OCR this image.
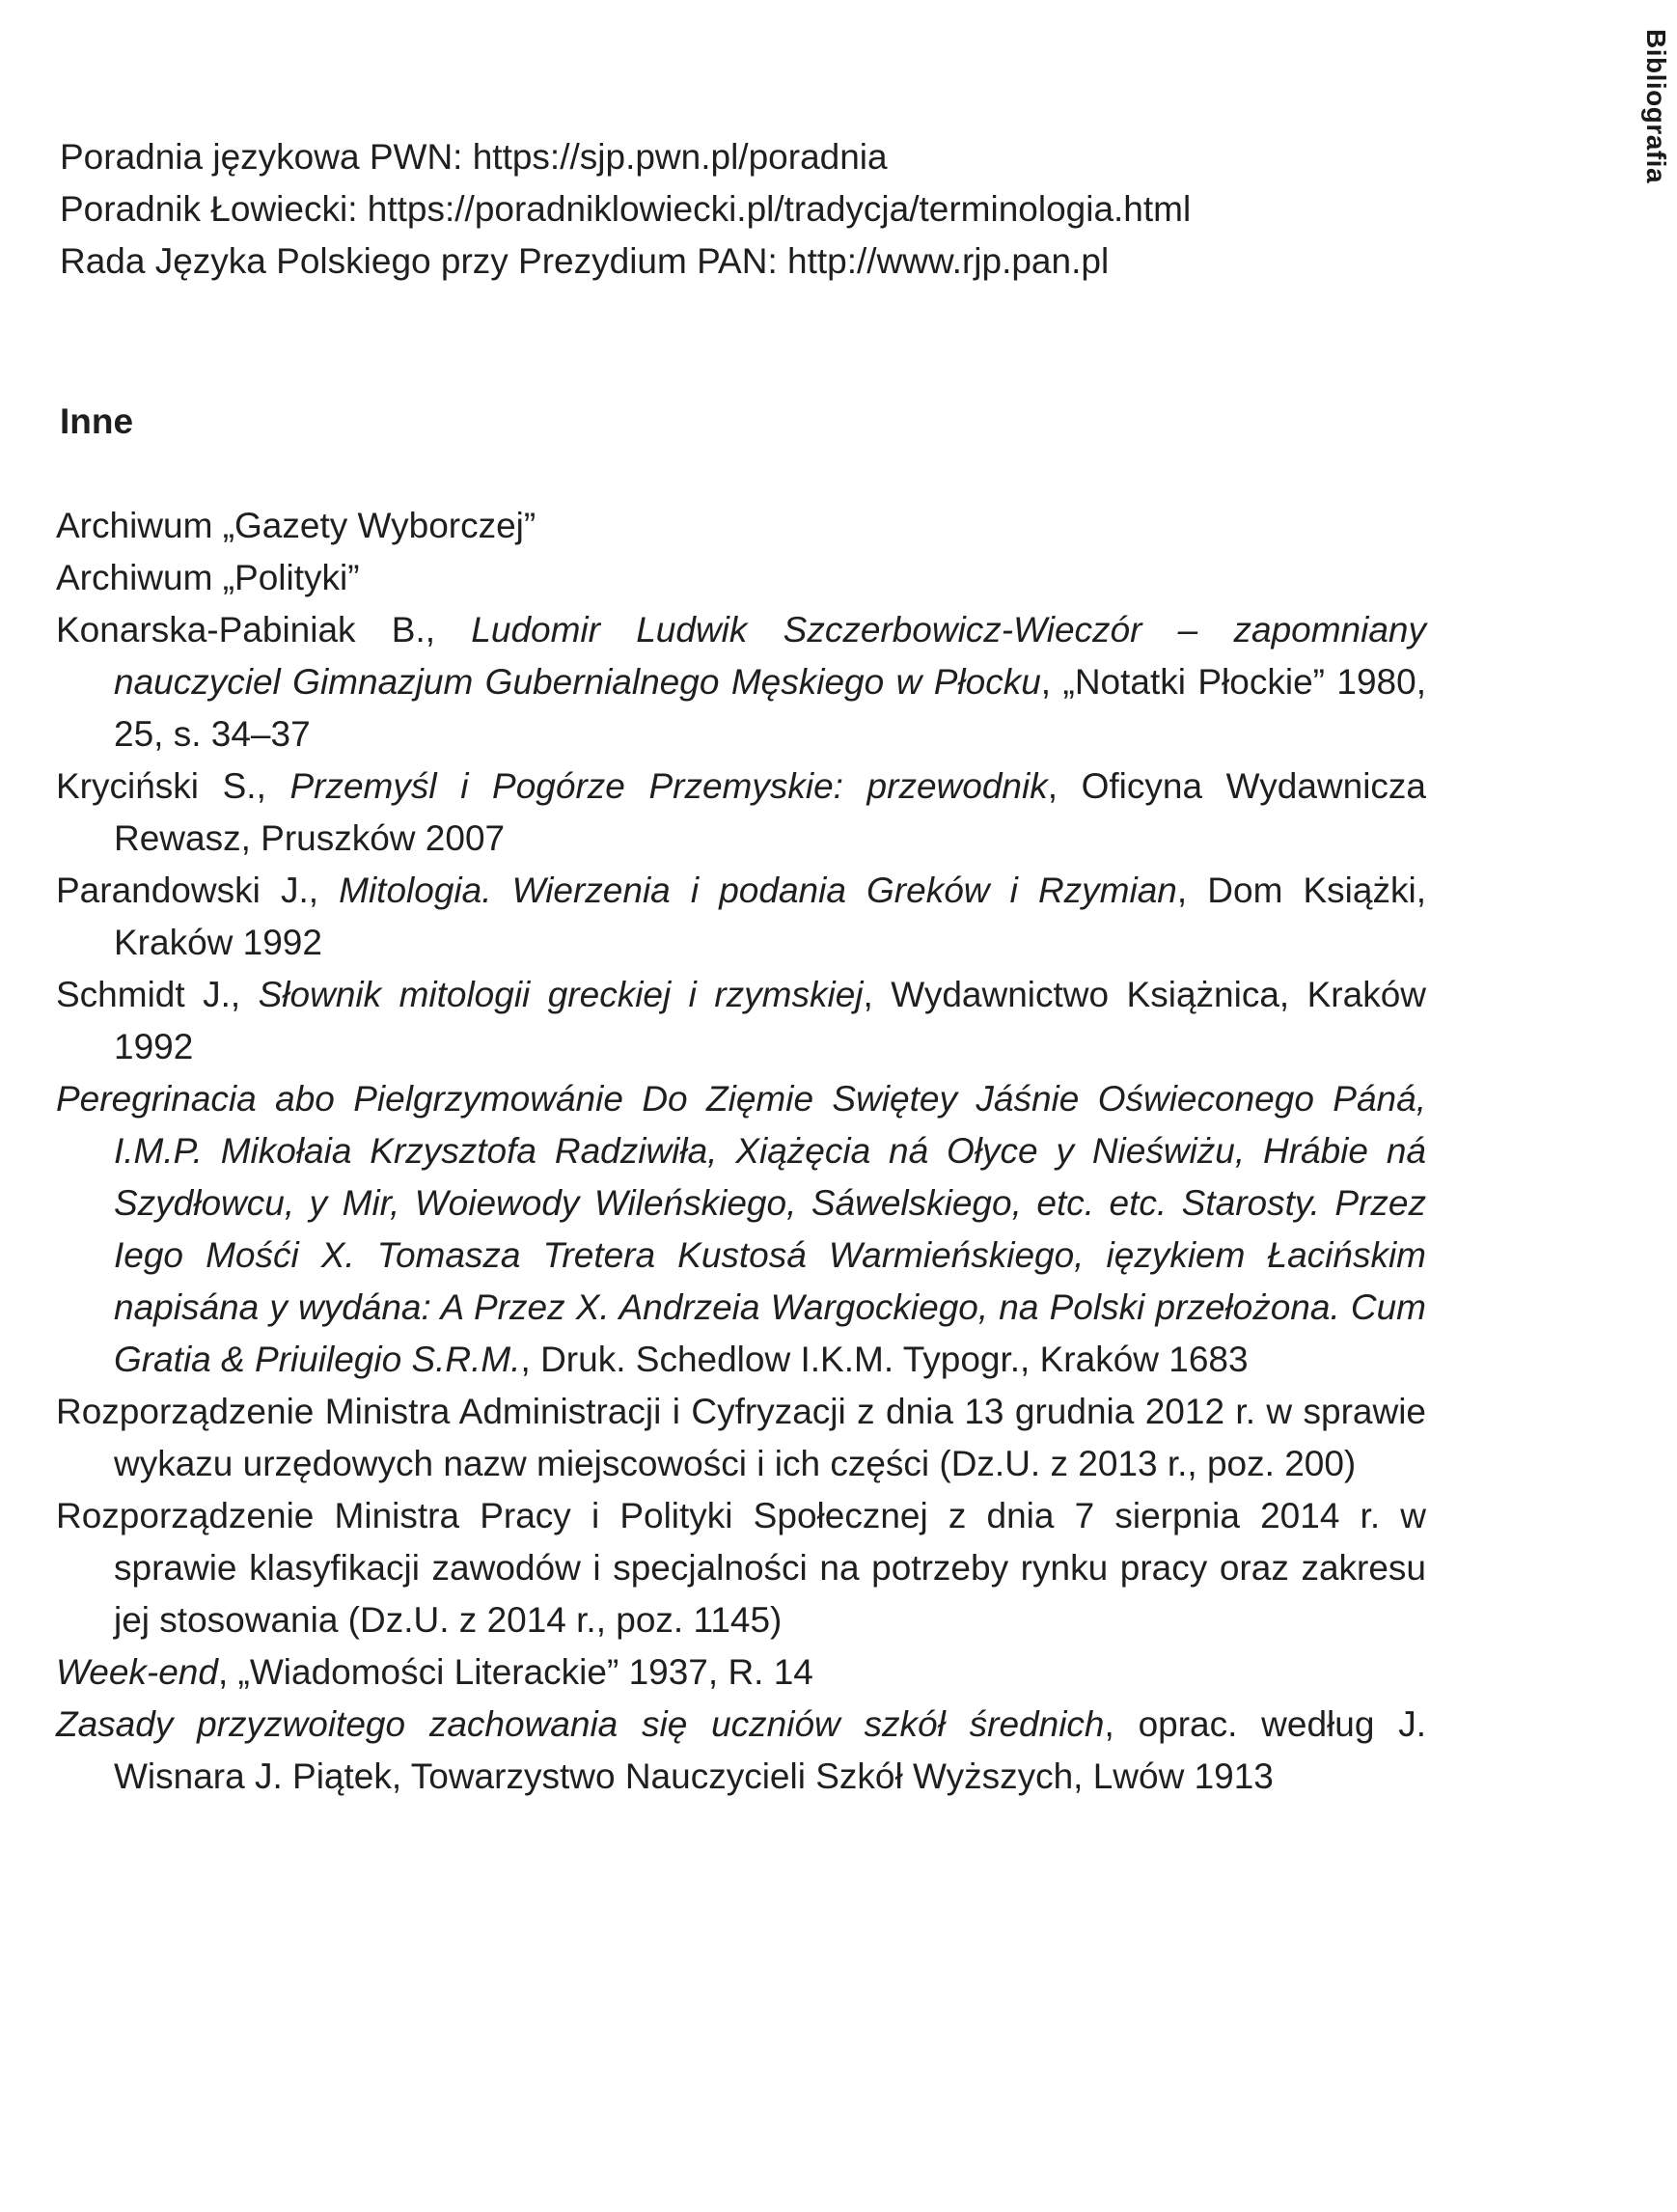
Bibliografia
Poradnia językowa PWN: https://sjp.pwn.pl/poradnia
Poradnik Łowiecki: https://poradniklowiecki.pl/tradycja/terminologia.html
Rada Języka Polskiego przy Prezydium PAN: http://www.rjp.pan.pl
Inne
Archiwum „Gazety Wyborczej”
Archiwum „Polityki”
Konarska-Pabiniak B., Ludomir Ludwik Szczerbowicz-Wieczór – zapomniany nauczyciel Gimnazjum Gubernialnego Męskiego w Płocku, „Notatki Płockie” 1980, 25, s. 34–37
Kryciński S., Przemyśl i Pogórze Przemyskie: przewodnik, Oficyna Wydawnicza Rewasz, Pruszków 2007
Parandowski J., Mitologia. Wierzenia i podania Greków i Rzymian, Dom Książki, Kraków 1992
Schmidt J., Słownik mitologii greckiej i rzymskiej, Wydawnictwo Książnica, Kraków 1992
Peregrinacia abo Pielgrzymowánie Do Zięmie Swiętey Jáśnie Oświeconego Páná, I.M.P. Mikołaia Krzysztofa Radziwiła, Xiążęcia ná Ołyce y Nieświżu, Hrábie ná Szydłowcu, y Mir, Woiewody Wileńskiego, Sáwelskiego, etc. etc. Starosty. Przez Iego Mośći X. Tomasza Tretera Kustosá Warmieńskiego, ięzykiem Łacińskim napisána y wydána: A Przez X. Andrzeia Wargockiego, na Polski przełożona. Cum Gratia & Priuilegio S.R.M., Druk. Schedlow I.K.M. Typogr., Kraków 1683
Rozporządzenie Ministra Administracji i Cyfryzacji z dnia 13 grudnia 2012 r. w sprawie wykazu urzędowych nazw miejscowości i ich części (Dz.U. z 2013 r., poz. 200)
Rozporządzenie Ministra Pracy i Polityki Społecznej z dnia 7 sierpnia 2014 r. w sprawie klasyfikacji zawodów i specjalności na potrzeby rynku pracy oraz zakresu jej stosowania (Dz.U. z 2014 r., poz. 1145)
Week-end, „Wiadomości Literackie” 1937, R. 14
Zasady przyzwoitego zachowania się uczniów szkół średnich, oprac. według J. Wisnara J. Piątek, Towarzystwo Nauczycieli Szkół Wyższych, Lwów 1913
